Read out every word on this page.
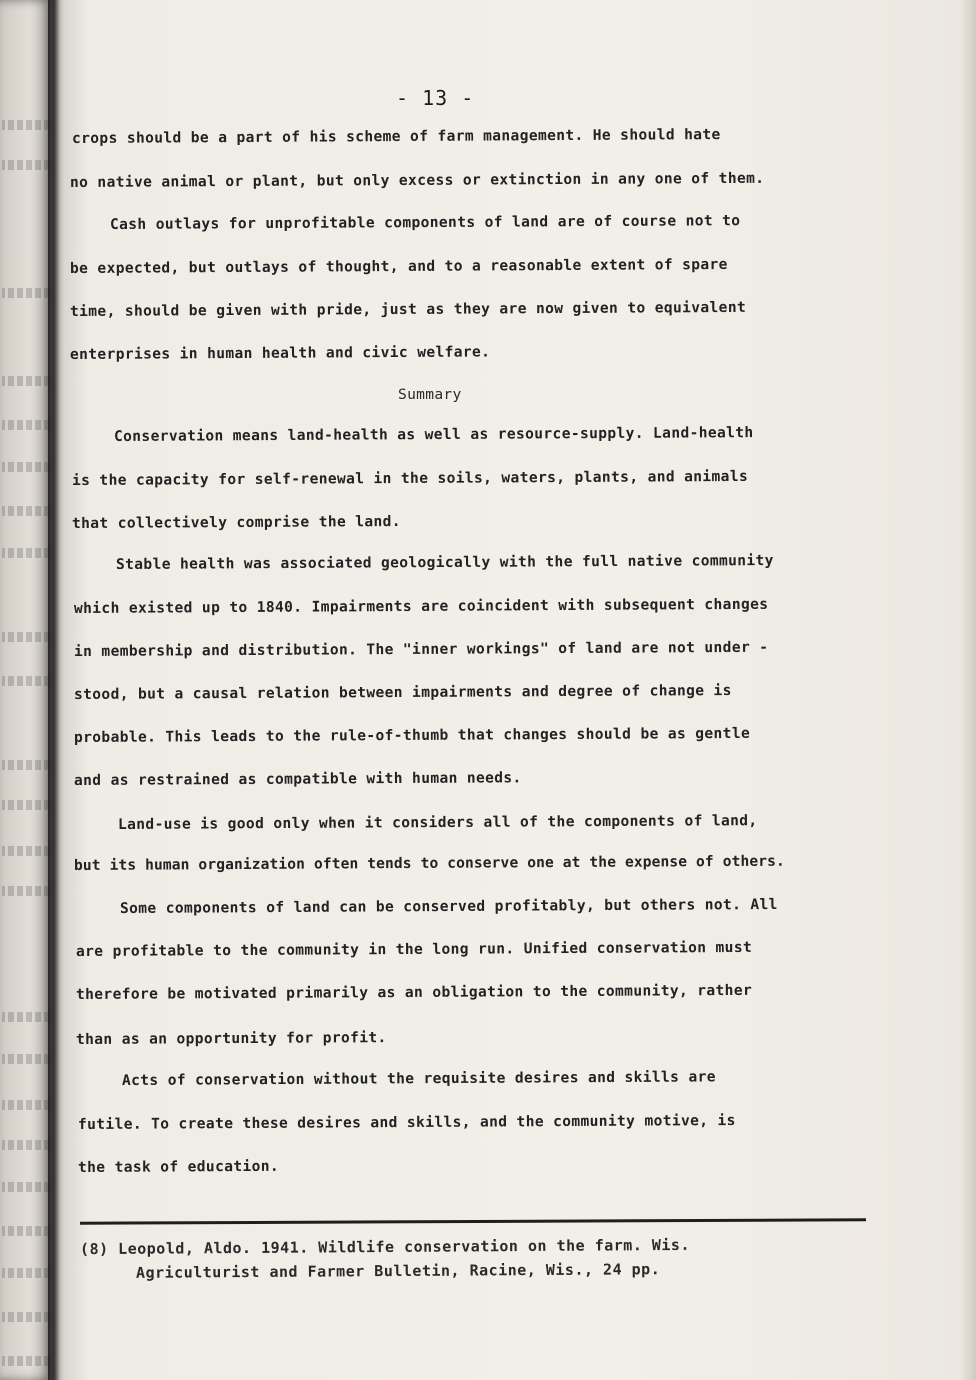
- 13 -

crops should be a part of his scheme of farm management. He should hate

no native animal or plant, but only excess or extinction in any one of them.

Cash outlays for unprofitable components of land are of course not to

be expected, but outlays of thought, and to a reasonable extent of spare

time, should be given with pride, just as they are now given to equivalent

enterprises in human health and civic welfare.

Summary

Conservation means land-health as well as resource-supply. Land-health

is the capacity for self-renewal in the soils, waters, plants, and animals

that collectively comprise the land.

Stable health was associated geologically with the full native community

which existed up to 1840. Impairments are coincident with subsequent changes

in membership and distribution. The "inner workings" of land are not under -

stood, but a causal relation between impairments and degree of change is

probable. This leads to the rule-of-thumb that changes should be as gentle

and as restrained as compatible with human needs.

Land-use is good only when it considers all of the components of land,

but its human organization often tends to conserve one at the expense of others.

Some components of land can be conserved profitably, but others not. All

are profitable to the community in the long run. Unified conservation must

therefore be motivated primarily as an obligation to the community, rather

than as an opportunity for profit.

Acts of conservation without the requisite desires and skills are

futile. To create these desires and skills, and the community motive, is

the task of education.

(8) Leopold, Aldo. 1941. Wildlife conservation on the farm. Wis.

Agriculturist and Farmer Bulletin, Racine, Wis., 24 pp.
